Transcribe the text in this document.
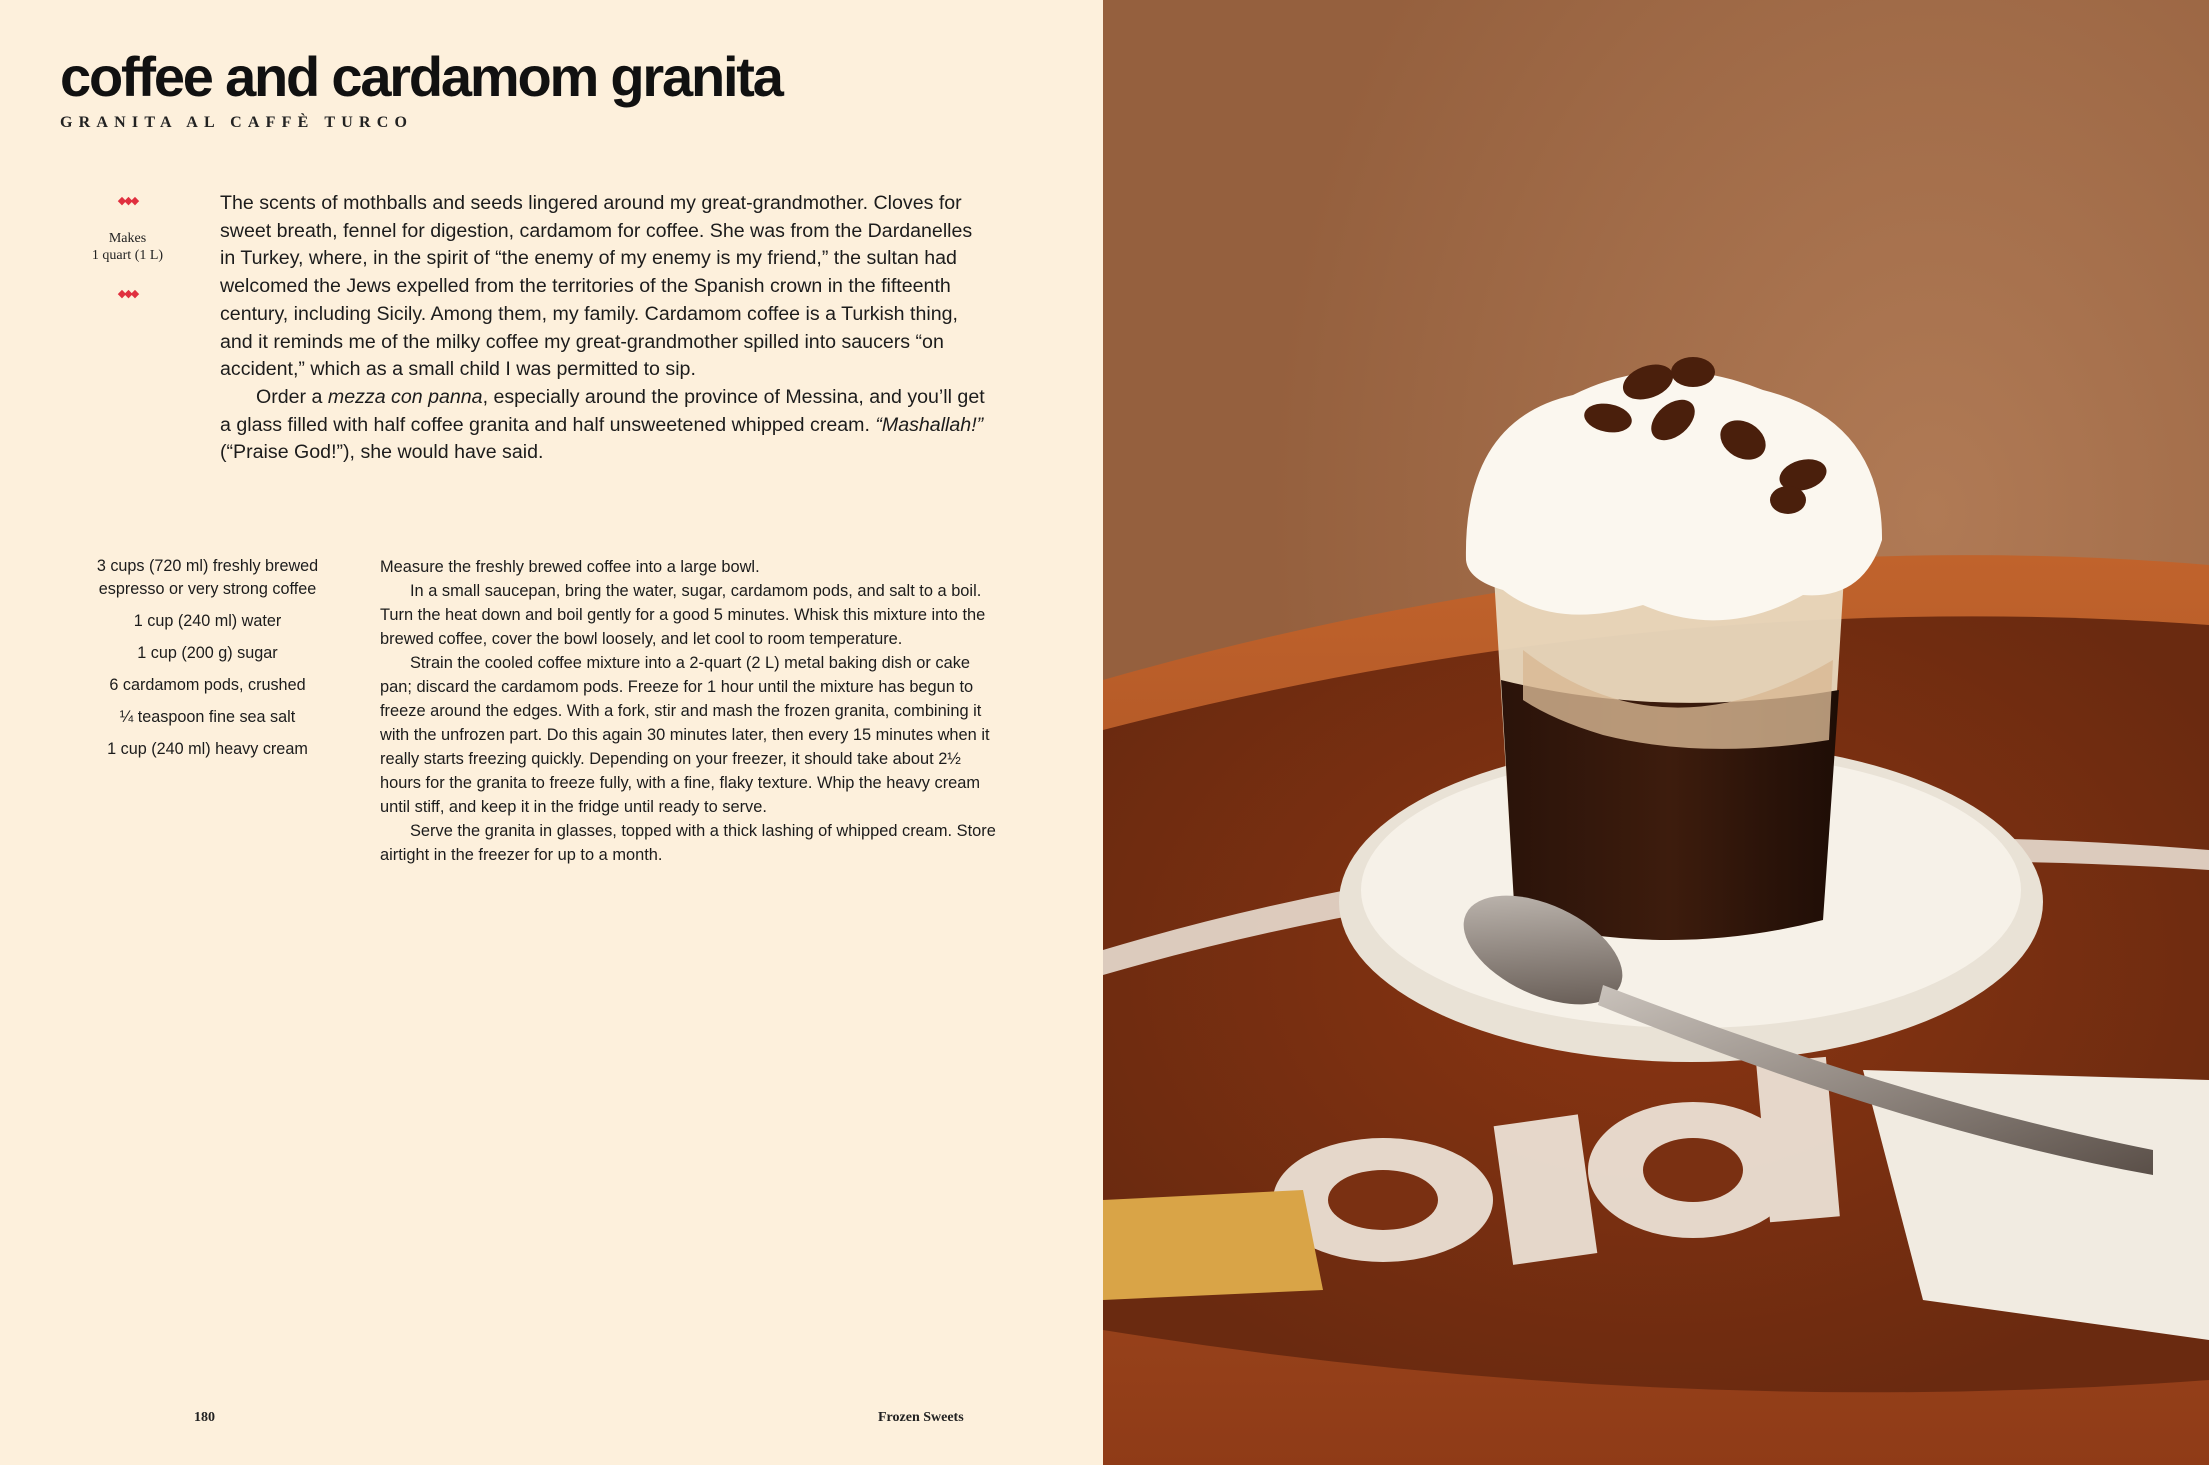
coffee and cardamom granita
GRANITA AL CAFFÈ TURCO
◆◆◆
Makes
1 quart (1 L)
◆◆◆

The scents of mothballs and seeds lingered around my great-grandmother. Cloves for sweet breath, fennel for digestion, cardamom for coffee. She was from the Dardanelles in Turkey, where, in the spirit of “the enemy of my enemy is my friend,” the sultan had welcomed the Jews expelled from the territories of the Spanish crown in the fifteenth century, including Sicily. Among them, my family. Cardamom coffee is a Turkish thing, and it reminds me of the milky coffee my great-grandmother spilled into saucers “on accident,” which as a small child I was permitted to sip.

Order a mezza con panna, especially around the province of Messina, and you’ll get a glass filled with half coffee granita and half unsweetened whipped cream. “Mashallah!” (“Praise God!”), she would have said.

3 cups (720 ml) freshly brewed espresso or very strong coffee
1 cup (240 ml) water
1 cup (200 g) sugar
6 cardamom pods, crushed
¼ teaspoon fine sea salt
1 cup (240 ml) heavy cream

Measure the freshly brewed coffee into a large bowl.

In a small saucepan, bring the water, sugar, cardamom pods, and salt to a boil. Turn the heat down and boil gently for a good 5 minutes. Whisk this mixture into the brewed coffee, cover the bowl loosely, and let cool to room temperature.

Strain the cooled coffee mixture into a 2-quart (2 L) metal baking dish or cake pan; discard the cardamom pods. Freeze for 1 hour until the mixture has begun to freeze around the edges. With a fork, stir and mash the frozen granita, combining it with the unfrozen part. Do this again 30 minutes later, then every 15 minutes when it really starts freezing quickly. Depending on your freezer, it should take about 2½ hours for the granita to freeze fully, with a fine, flaky texture. Whip the heavy cream until stiff, and keep it in the fridge until ready to serve.

Serve the granita in glasses, topped with a thick lashing of whipped cream. Store airtight in the freezer for up to a month.

180	Frozen Sweets
